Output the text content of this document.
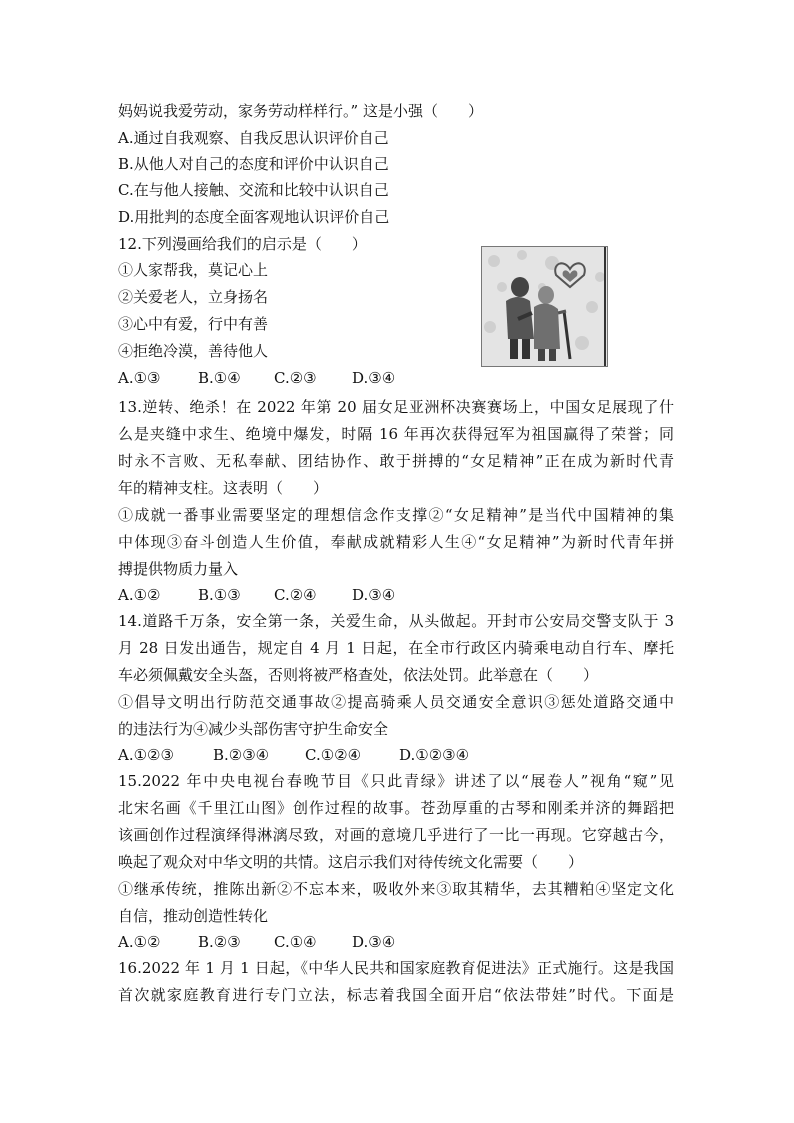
妈妈说我爱劳动，家务劳动样样行。” 这是小强（　　）
A.通过自我观察、自我反思认识评价自己
B.从他人对自己的态度和评价中认识自己
C.在与他人接触、交流和比较中认识自己
D.用批判的态度全面客观地认识评价自己
12.下列漫画给我们的启示是（　　）
①人家帮我，莫记心上
②关爱老人，立身扬名
③心中有爱，行中有善
④拒绝冷漠，善待他人
A.①③	B.①④ C.②③ D.③④
13.逆转、绝杀！在 2022 年第 20 届女足亚洲杯决赛赛场上，中国女足展现了什
么是夹缝中求生、绝境中爆发，时隔 16 年再次获得冠军为祖国赢得了荣誉；同
时永不言败、无私奉献、团结协作、敢于拼搏的“女足精神”正在成为新时代青
年的精神支柱。这表明（　　）
①成就一番事业需要坚定的理想信念作支撑②“女足精神”是当代中国精神的集
中体现③奋斗创造人生价值，奉献成就精彩人生④“女足精神”为新时代青年拼
搏提供物质力量入
A.①②	B.①③ C.②④ D.③④
14.道路千万条，安全第一条，关爱生命，从头做起。开封市公安局交警支队于 3
月 28 日发出通告，规定自 4 月 1 日起，在全市行政区内骑乘电动自行车、摩托
车必须佩戴安全头盔，否则将被严格查处，依法处罚。此举意在（　　）
①倡导文明出行防范交通事故②提高骑乘人员交通安全意识③惩处道路交通中
的违法行为④减少头部伤害守护生命安全
A.①②③	B.②③④ C.①②④	D.①②③④
15.2022 年中央电视台春晚节目《只此青绿》讲述了以“展卷人”视角“窥”见
北宋名画《千里江山图》创作过程的故事。苍劲厚重的古琴和刚柔并济的舞蹈把
该画创作过程演绎得淋漓尽致，对画的意境几乎进行了一比一再现。它穿越古今，
唤起了观众对中华文明的共情。这启示我们对待传统文化需要（　　）
①继承传统，推陈出新②不忘本来，吸收外来③取其精华，去其糟粕④坚定文化
自信，推动创造性转化
A.①②	B.②③ C.①④ D.③④
16.2022 年 1 月 1 日起，《中华人民共和国家庭教育促进法》正式施行。这是我国
首次就家庭教育进行专门立法，标志着我国全面开启“依法带娃”时代。下面是
